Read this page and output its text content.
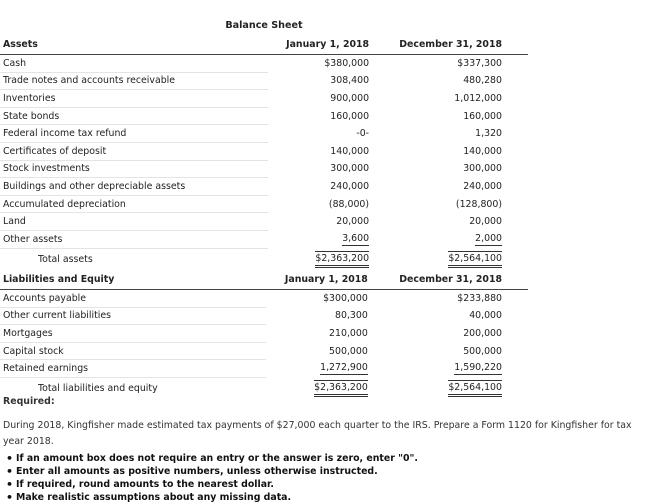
Balance Sheet
Assets	January 1, 2018		December 31, 2018
Cash	$380,000		$337,300
Trade notes and accounts receivable	308,400		480,280
Inventories	900,000		1,012,000
State bonds	160,000		160,000
Federal income tax refund	-0-		1,320
Certificates of deposit	140,000		140,000
Stock investments	300,000		300,000
Buildings and other depreciable assets	240,000		240,000
Accumulated depreciation	(88,000)		(128,800)
Land	20,000		20,000
Other assets	3,600		2,000
Total assets	$2,363,200		$2,564,100
Liabilities and Equity	January 1, 2018		December 31, 2018
Accounts payable	$300,000		$233,880
Other current liabilities	80,300		40,000
Mortgages	210,000		200,000
Capital stock	500,000		500,000
Retained earnings	1,272,900		1,590,220
Total liabilities and equity	$2,363,200		$2,564,100
Required:
During 2018, Kingfisher made estimated tax payments of $27,000 each quarter to the IRS. Prepare a Form 1120 for Kingfisher for tax year 2018.
• If an amount box does not require an entry or the answer is zero, enter "0".
• Enter all amounts as positive numbers, unless otherwise instructed.
• If required, round amounts to the nearest dollar.
• Make realistic assumptions about any missing data.
